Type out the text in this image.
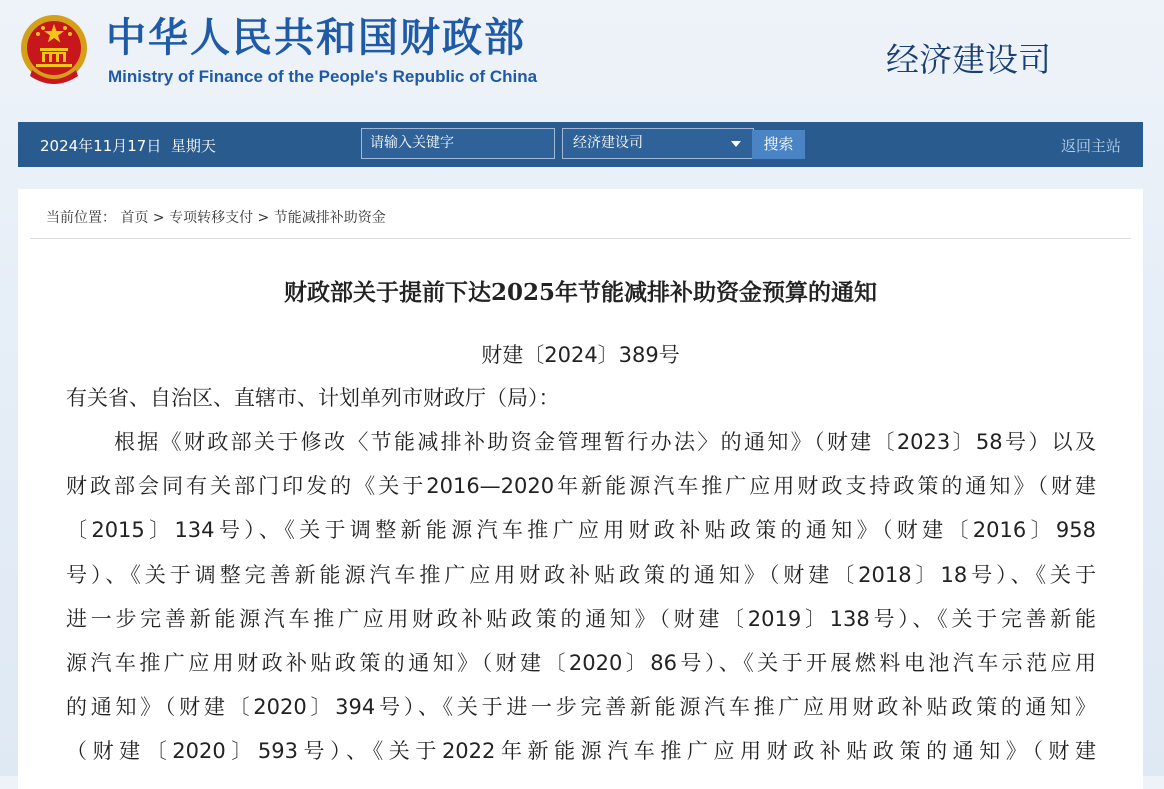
中华人民共和国财政部
Ministry of Finance of the People's Republic of China	经济建设司
2024年11月17日  星期天
请输入关键字	经济建设司	搜索	返回主站
当前位置： 首页 > 专项转移支付 > 节能减排补助资金
财政部关于提前下达2025年节能减排补助资金预算的通知
财建〔2024〕389号
有关省、自治区、直辖市、计划单列市财政厅（局）：
根据《财政部关于修改〈节能减排补助资金管理暂行办法〉的通知》（财建〔2023〕58号）以及
财政部会同有关部门印发的《关于2016—2020年新能源汽车推广应用财政支持政策的通知》（财建
〔2015〕134号）、《关于调整新能源汽车推广应用财政补贴政策的通知》（财建〔2016〕958
号）、《关于调整完善新能源汽车推广应用财政补贴政策的通知》（财建〔2018〕18号）、《关于
进一步完善新能源汽车推广应用财政补贴政策的通知》（财建〔2019〕138号）、《关于完善新能
源汽车推广应用财政补贴政策的通知》（财建〔2020〕86号）、《关于开展燃料电池汽车示范应用
的通知》（财建〔2020〕394号）、《关于进一步完善新能源汽车推广应用财政补贴政策的通知》
（财建〔2020〕593号）、《关于2022年新能源汽车推广应用财政补贴政策的通知》（财建
